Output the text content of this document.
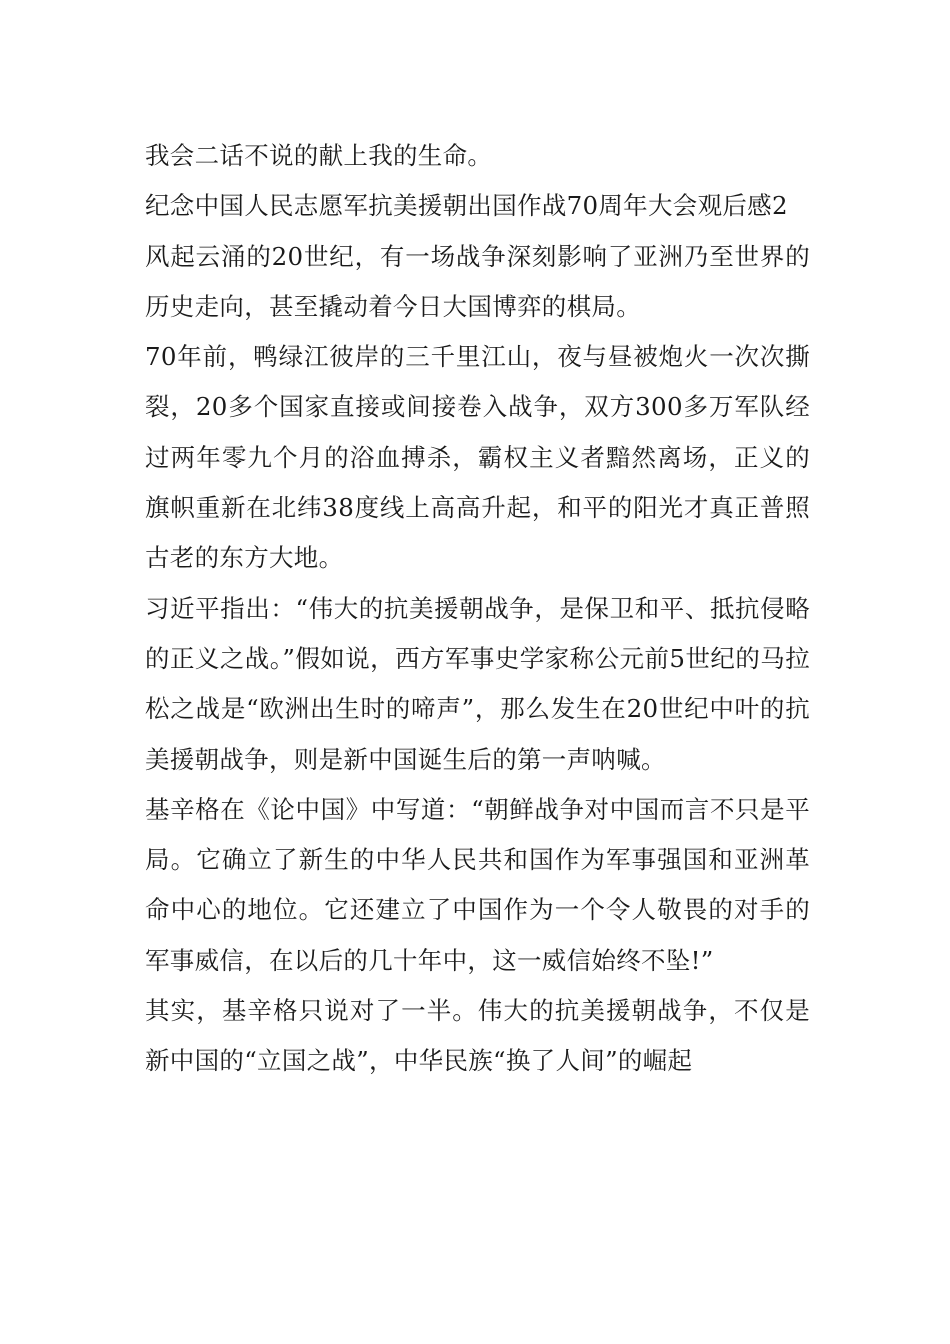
我会二话不说的献上我的生命。

纪念中国人民志愿军抗美援朝出国作战70周年大会观后感2

风起云涌的20世纪，有一场战争深刻影响了亚洲乃至世界的历史走向，甚至撬动着今日大国博弈的棋局。

70年前，鸭绿江彼岸的三千里江山，夜与昼被炮火一次次撕裂，20多个国家直接或间接卷入战争，双方300多万军队经过两年零九个月的浴血搏杀，霸权主义者黯然离场，正义的旗帜重新在北纬38度线上高高升起，和平的阳光才真正普照古老的东方大地。

习近平指出：“伟大的抗美援朝战争，是保卫和平、抵抗侵略的正义之战。”假如说，西方军事史学家称公元前5世纪的马拉松之战是“欧洲出生时的啼声”，那么发生在20世纪中叶的抗美援朝战争，则是新中国诞生后的第一声呐喊。

基辛格在《论中国》中写道：“朝鲜战争对中国而言不只是平局。它确立了新生的中华人民共和国作为军事强国和亚洲革命中心的地位。它还建立了中国作为一个令人敬畏的对手的军事威信，在以后的几十年中，这一威信始终不坠!”

其实，基辛格只说对了一半。伟大的抗美援朝战争，不仅是新中国的“立国之战”，中华民族“换了人间”的崛起
